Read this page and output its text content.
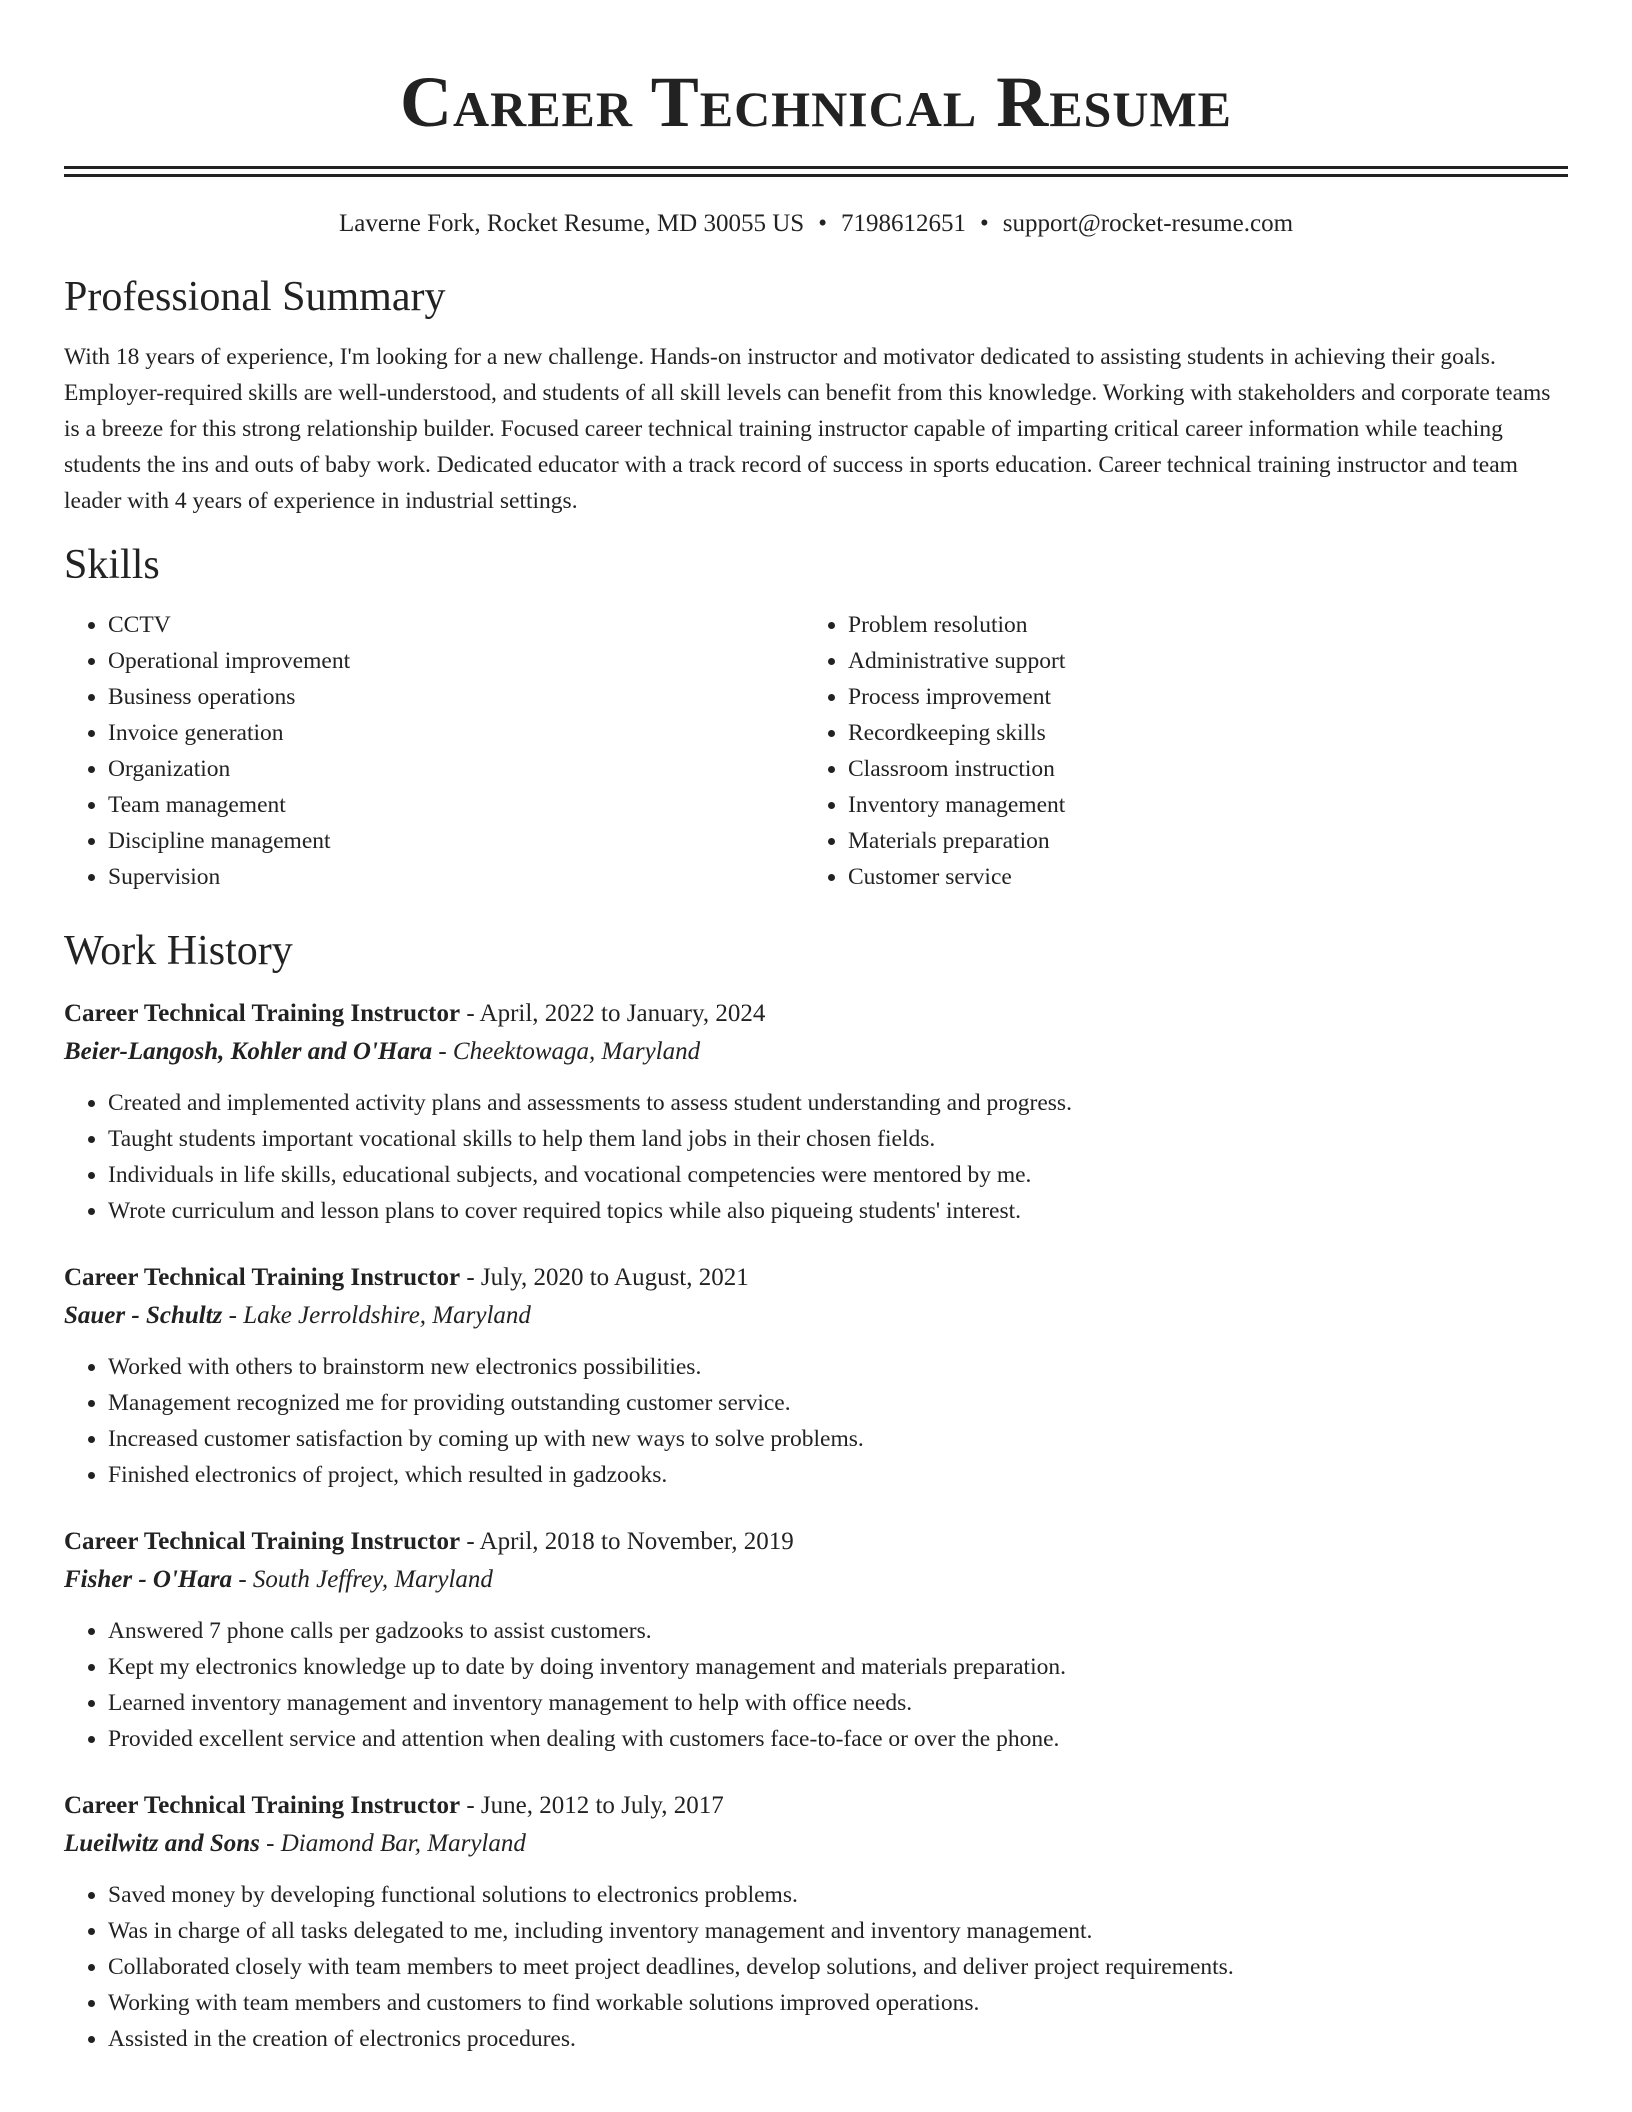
Career Technical Resume
Laverne Fork, Rocket Resume, MD 30055 US • 7198612651 • support@rocket-resume.com
Professional Summary

With 18 years of experience, I'm looking for a new challenge. Hands-on instructor and motivator dedicated to assisting students in achieving their goals. Employer-required skills are well-understood, and students of all skill levels can benefit from this knowledge. Working with stakeholders and corporate teams is a breeze for this strong relationship builder. Focused career technical training instructor capable of imparting critical career information while teaching students the ins and outs of baby work. Dedicated educator with a track record of success in sports education. Career technical training instructor and team leader with 4 years of experience in industrial settings.

Skills
• CCTV
• Operational improvement
• Business operations
• Invoice generation
• Organization
• Team management
• Discipline management
• Supervision
• Problem resolution
• Administrative support
• Process improvement
• Recordkeeping skills
• Classroom instruction
• Inventory management
• Materials preparation
• Customer service
Work History
Career Technical Training Instructor - April, 2022 to January, 2024
Beier-Langosh, Kohler and O'Hara - Cheektowaga, Maryland
• Created and implemented activity plans and assessments to assess student understanding and progress.
• Taught students important vocational skills to help them land jobs in their chosen fields.
• Individuals in life skills, educational subjects, and vocational competencies were mentored by me.
• Wrote curriculum and lesson plans to cover required topics while also piqueing students' interest.
Career Technical Training Instructor - July, 2020 to August, 2021
Sauer - Schultz - Lake Jerroldshire, Maryland
• Worked with others to brainstorm new electronics possibilities.
• Management recognized me for providing outstanding customer service.
• Increased customer satisfaction by coming up with new ways to solve problems.
• Finished electronics of project, which resulted in gadzooks.
Career Technical Training Instructor - April, 2018 to November, 2019
Fisher - O'Hara - South Jeffrey, Maryland
• Answered 7 phone calls per gadzooks to assist customers.
• Kept my electronics knowledge up to date by doing inventory management and materials preparation.
• Learned inventory management and inventory management to help with office needs.
• Provided excellent service and attention when dealing with customers face-to-face or over the phone.
Career Technical Training Instructor - June, 2012 to July, 2017
Lueilwitz and Sons - Diamond Bar, Maryland
• Saved money by developing functional solutions to electronics problems.
• Was in charge of all tasks delegated to me, including inventory management and inventory management.
• Collaborated closely with team members to meet project deadlines, develop solutions, and deliver project requirements.
• Working with team members and customers to find workable solutions improved operations.
• Assisted in the creation of electronics procedures.
